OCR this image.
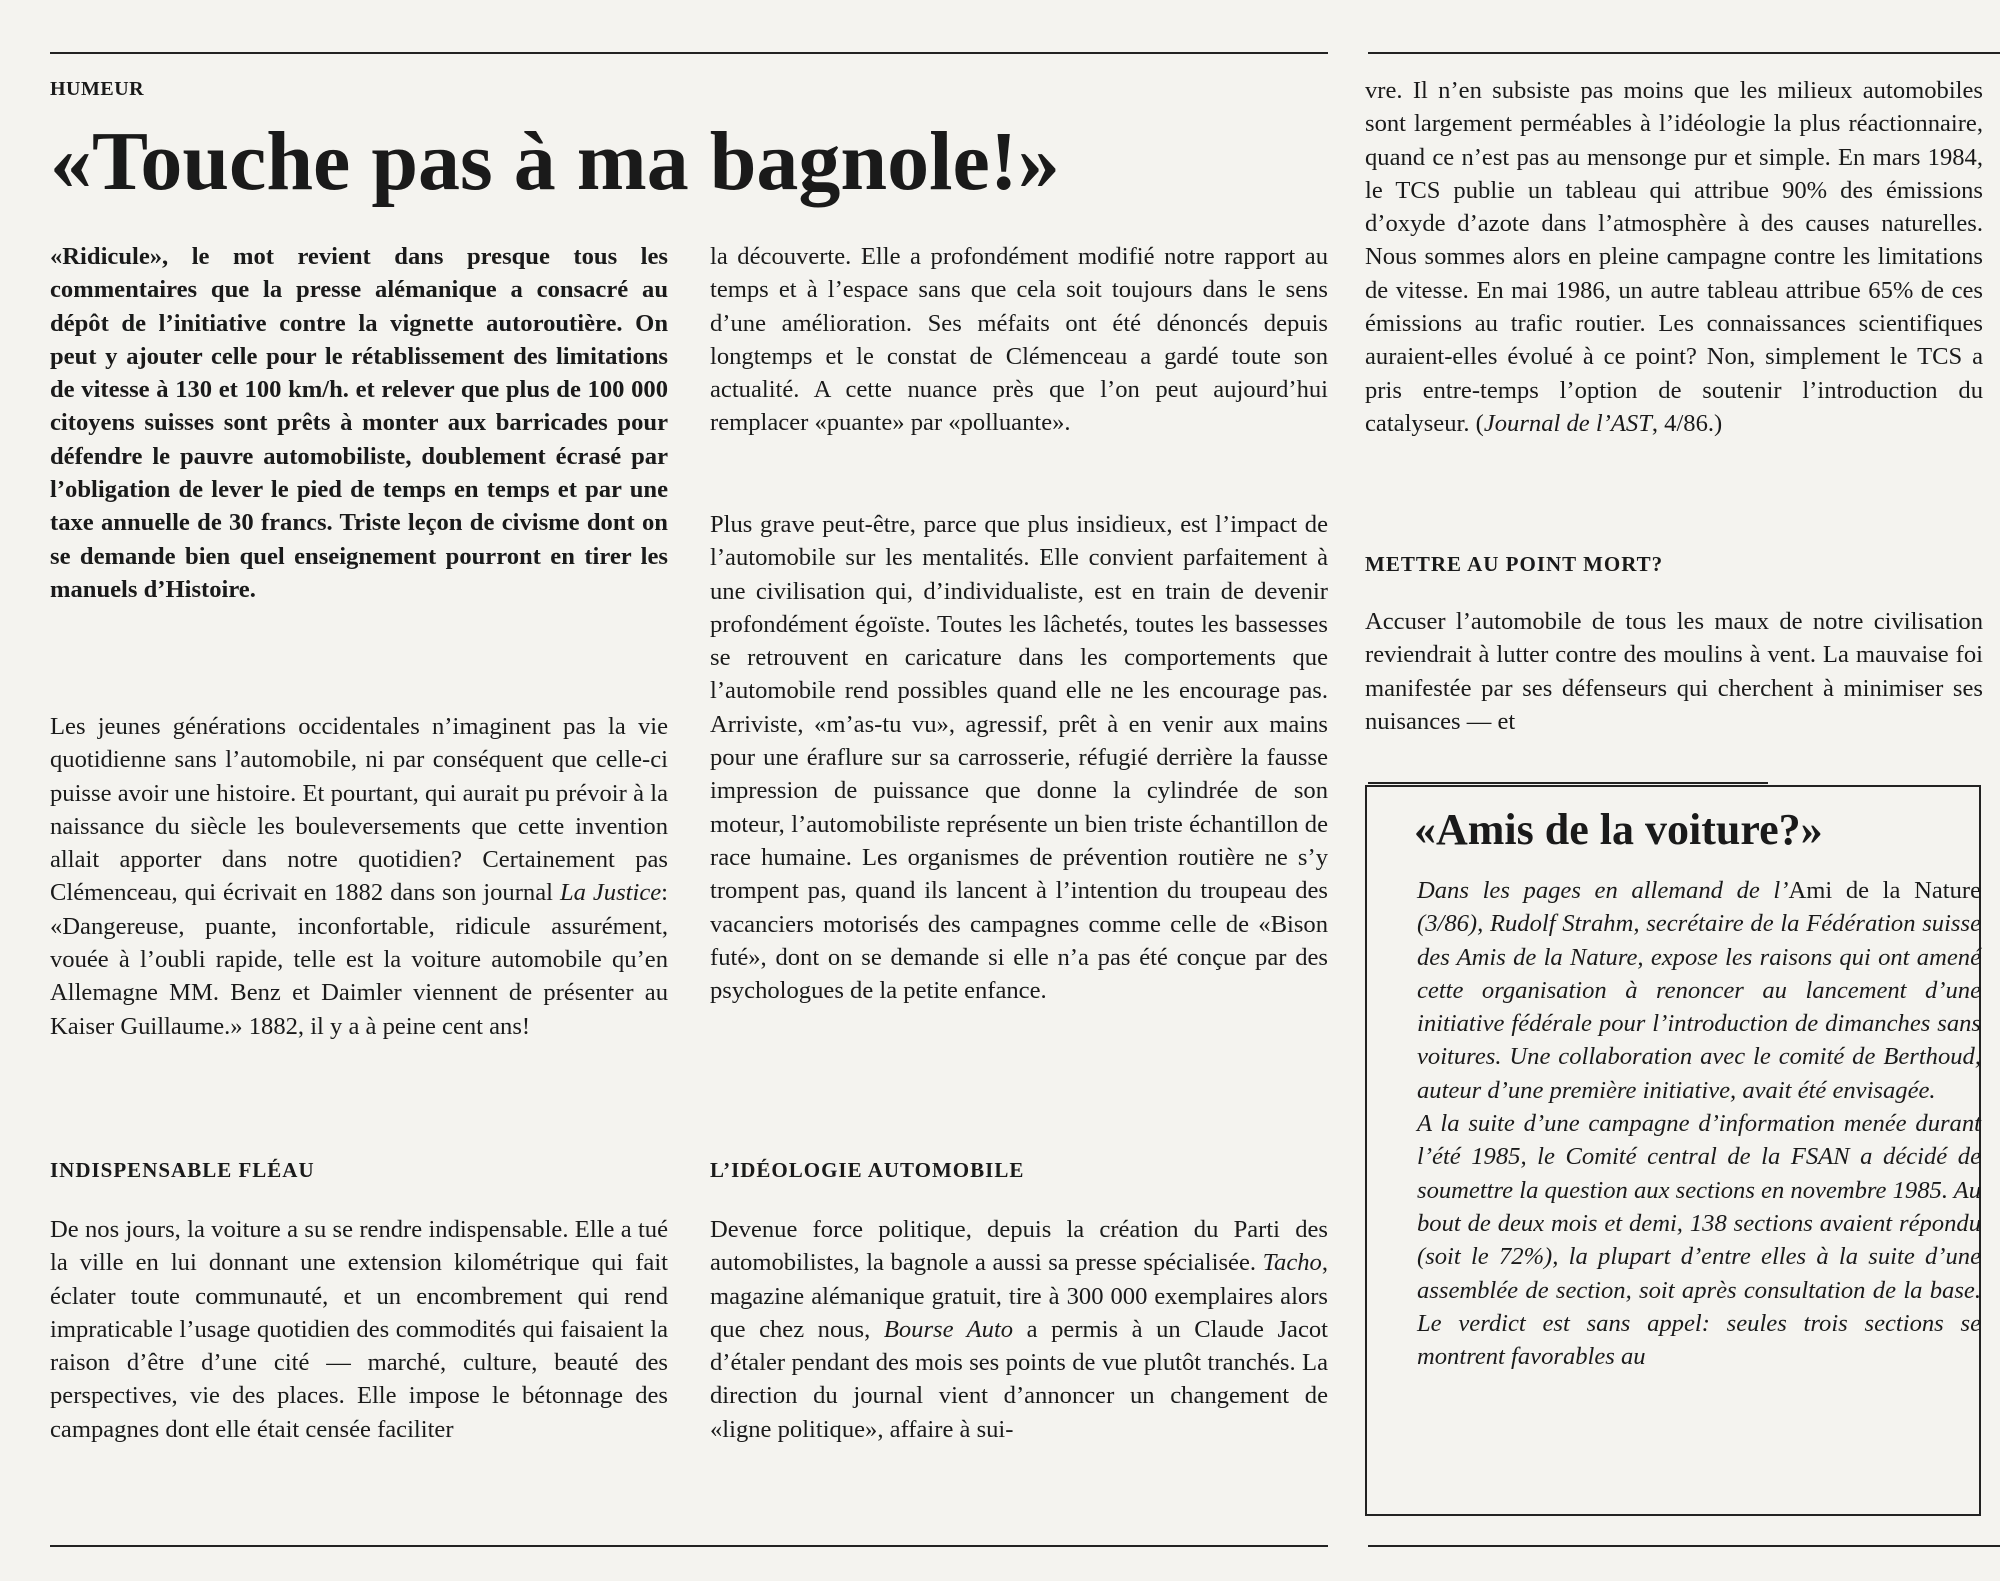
HUMEUR
«Touche pas à ma bagnole!»

«Ridicule», le mot revient dans presque tous les commentaires que la presse alémanique a consacré au dépôt de l’initiative contre la vignette autoroutière. On peut y ajouter celle pour le rétablissement des limitations de vitesse à 130 et 100 km/h. et relever que plus de 100 000 citoyens suisses sont prêts à monter aux barricades pour défendre le pauvre automobiliste, doublement écrasé par l’obligation de lever le pied de temps en temps et par une taxe annuelle de 30 francs. Triste leçon de civisme dont on se demande bien quel enseignement pourront en tirer les manuels d’Histoire.

Les jeunes générations occidentales n’imaginent pas la vie quotidienne sans l’automobile, ni par conséquent que celle-ci puisse avoir une histoire. Et pourtant, qui aurait pu prévoir à la naissance du siècle les bouleversements que cette invention allait apporter dans notre quotidien? Certainement pas Clémenceau, qui écrivait en 1882 dans son journal La Justice: «Dangereuse, puante, inconfortable, ridicule assurément, vouée à l’oubli rapide, telle est la voiture automobile qu’en Allemagne MM. Benz et Daimler viennent de présenter au Kaiser Guillaume.» 1882, il y a à peine cent ans!

INDISPENSABLE FLÉAU

De nos jours, la voiture a su se rendre indispensable. Elle a tué la ville en lui donnant une extension kilométrique qui fait éclater toute communauté, et un encombrement qui rend impraticable l’usage quotidien des commodités qui faisaient la raison d’être d’une cité — marché, culture, beauté des perspectives, vie des places. Elle impose le bétonnage des campagnes dont elle était censée faciliter

la découverte. Elle a profondément modifié notre rapport au temps et à l’espace sans que cela soit toujours dans le sens d’une amélioration. Ses méfaits ont été dénoncés depuis longtemps et le constat de Clémenceau a gardé toute son actualité. A cette nuance près que l’on peut aujourd’hui remplacer «puante» par «polluante».

Plus grave peut-être, parce que plus insidieux, est l’impact de l’automobile sur les mentalités. Elle convient parfaitement à une civilisation qui, d’individualiste, est en train de devenir profondément égoïste. Toutes les lâchetés, toutes les bassesses se retrouvent en caricature dans les comportements que l’automobile rend possibles quand elle ne les encourage pas. Arriviste, «m’as-tu vu», agressif, prêt à en venir aux mains pour une éraflure sur sa carrosserie, réfugié derrière la fausse impression de puissance que donne la cylindrée de son moteur, l’automobiliste représente un bien triste échantillon de race humaine. Les organismes de prévention routière ne s’y trompent pas, quand ils lancent à l’intention du troupeau des vacanciers motorisés des campagnes comme celle de «Bison futé», dont on se demande si elle n’a pas été conçue par des psychologues de la petite enfance.

L’IDÉOLOGIE AUTOMOBILE

Devenue force politique, depuis la création du Parti des automobilistes, la bagnole a aussi sa presse spécialisée. Tacho, magazine alémanique gratuit, tire à 300 000 exemplaires alors que chez nous, Bourse Auto a permis à un Claude Jacot d’étaler pendant des mois ses points de vue plutôt tranchés. La direction du journal vient d’annoncer un changement de «ligne politique», affaire à sui-

vre. Il n’en subsiste pas moins que les milieux automobiles sont largement perméables à l’idéologie la plus réactionnaire, quand ce n’est pas au mensonge pur et simple. En mars 1984, le TCS publie un tableau qui attribue 90% des émissions d’oxyde d’azote dans l’atmosphère à des causes naturelles. Nous sommes alors en pleine campagne contre les limitations de vitesse. En mai 1986, un autre tableau attribue 65% de ces émissions au trafic routier. Les connaissances scientifiques auraient-elles évolué à ce point? Non, simplement le TCS a pris entre-temps l’option de soutenir l’introduction du catalyseur. (Journal de l’AST, 4/86.)

METTRE AU POINT MORT?

Accuser l’automobile de tous les maux de notre civilisation reviendrait à lutter contre des moulins à vent. La mauvaise foi manifestée par ses défenseurs qui cherchent à minimiser ses nuisances — et

«Amis de la voiture?»

Dans les pages en allemand de l’Ami de la Nature (3/86), Rudolf Strahm, secrétaire de la Fédération suisse des Amis de la Nature, expose les raisons qui ont amené cette organisation à renoncer au lancement d’une initiative fédérale pour l’introduction de dimanches sans voitures. Une collaboration avec le comité de Berthoud, auteur d’une première initiative, avait été envisagée.

A la suite d’une campagne d’information menée durant l’été 1985, le Comité central de la FSAN a décidé de soumettre la question aux sections en novembre 1985. Au bout de deux mois et demi, 138 sections avaient répondu (soit le 72%), la plupart d’entre elles à la suite d’une assemblée de section, soit après consultation de la base. Le verdict est sans appel: seules trois sections se montrent favorables au
